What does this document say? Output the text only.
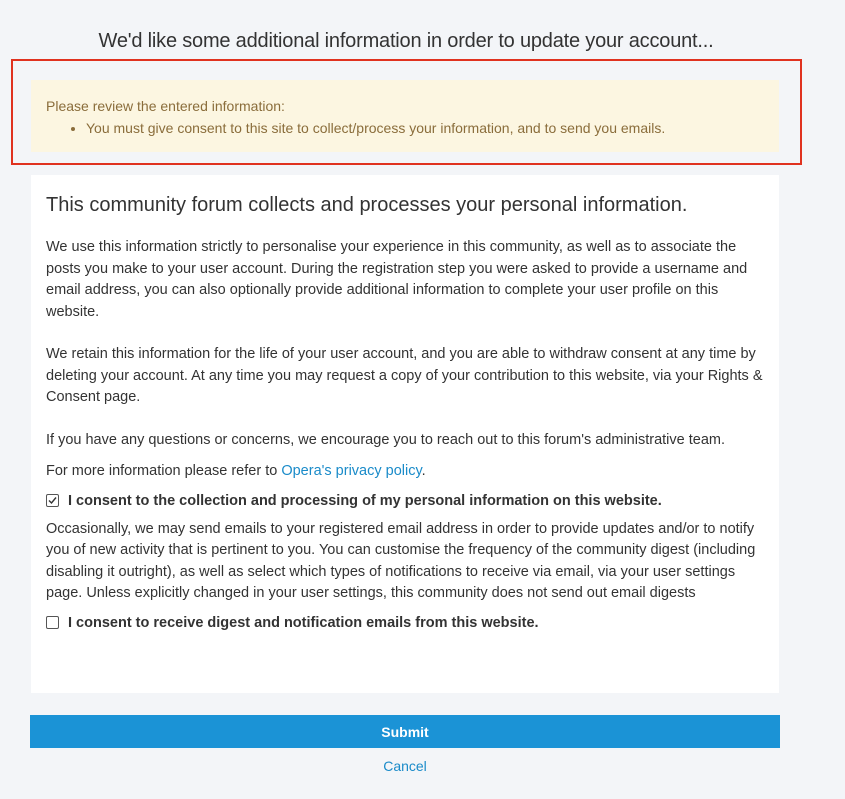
We'd like some additional information in order to update your account...
Please review the entered information:
• You must give consent to this site to collect/process your information, and to send you emails.
This community forum collects and processes your personal information.

We use this information strictly to personalise your experience in this community, as well as to associate the posts you make to your user account. During the registration step you were asked to provide a username and email address, you can also optionally provide additional information to complete your user profile on this website.

We retain this information for the life of your user account, and you are able to withdraw consent at any time by deleting your account. At any time you may request a copy of your contribution to this website, via your Rights & Consent page.

If you have any questions or concerns, we encourage you to reach out to this forum's administrative team.

For more information please refer to Opera's privacy policy.

I consent to the collection and processing of my personal information on this website.

Occasionally, we may send emails to your registered email address in order to provide updates and/or to notify you of new activity that is pertinent to you. You can customise the frequency of the community digest (including disabling it outright), as well as select which types of notifications to receive via email, via your user settings page. Unless explicitly changed in your user settings, this community does not send out email digests

I consent to receive digest and notification emails from this website.
Submit
Cancel
